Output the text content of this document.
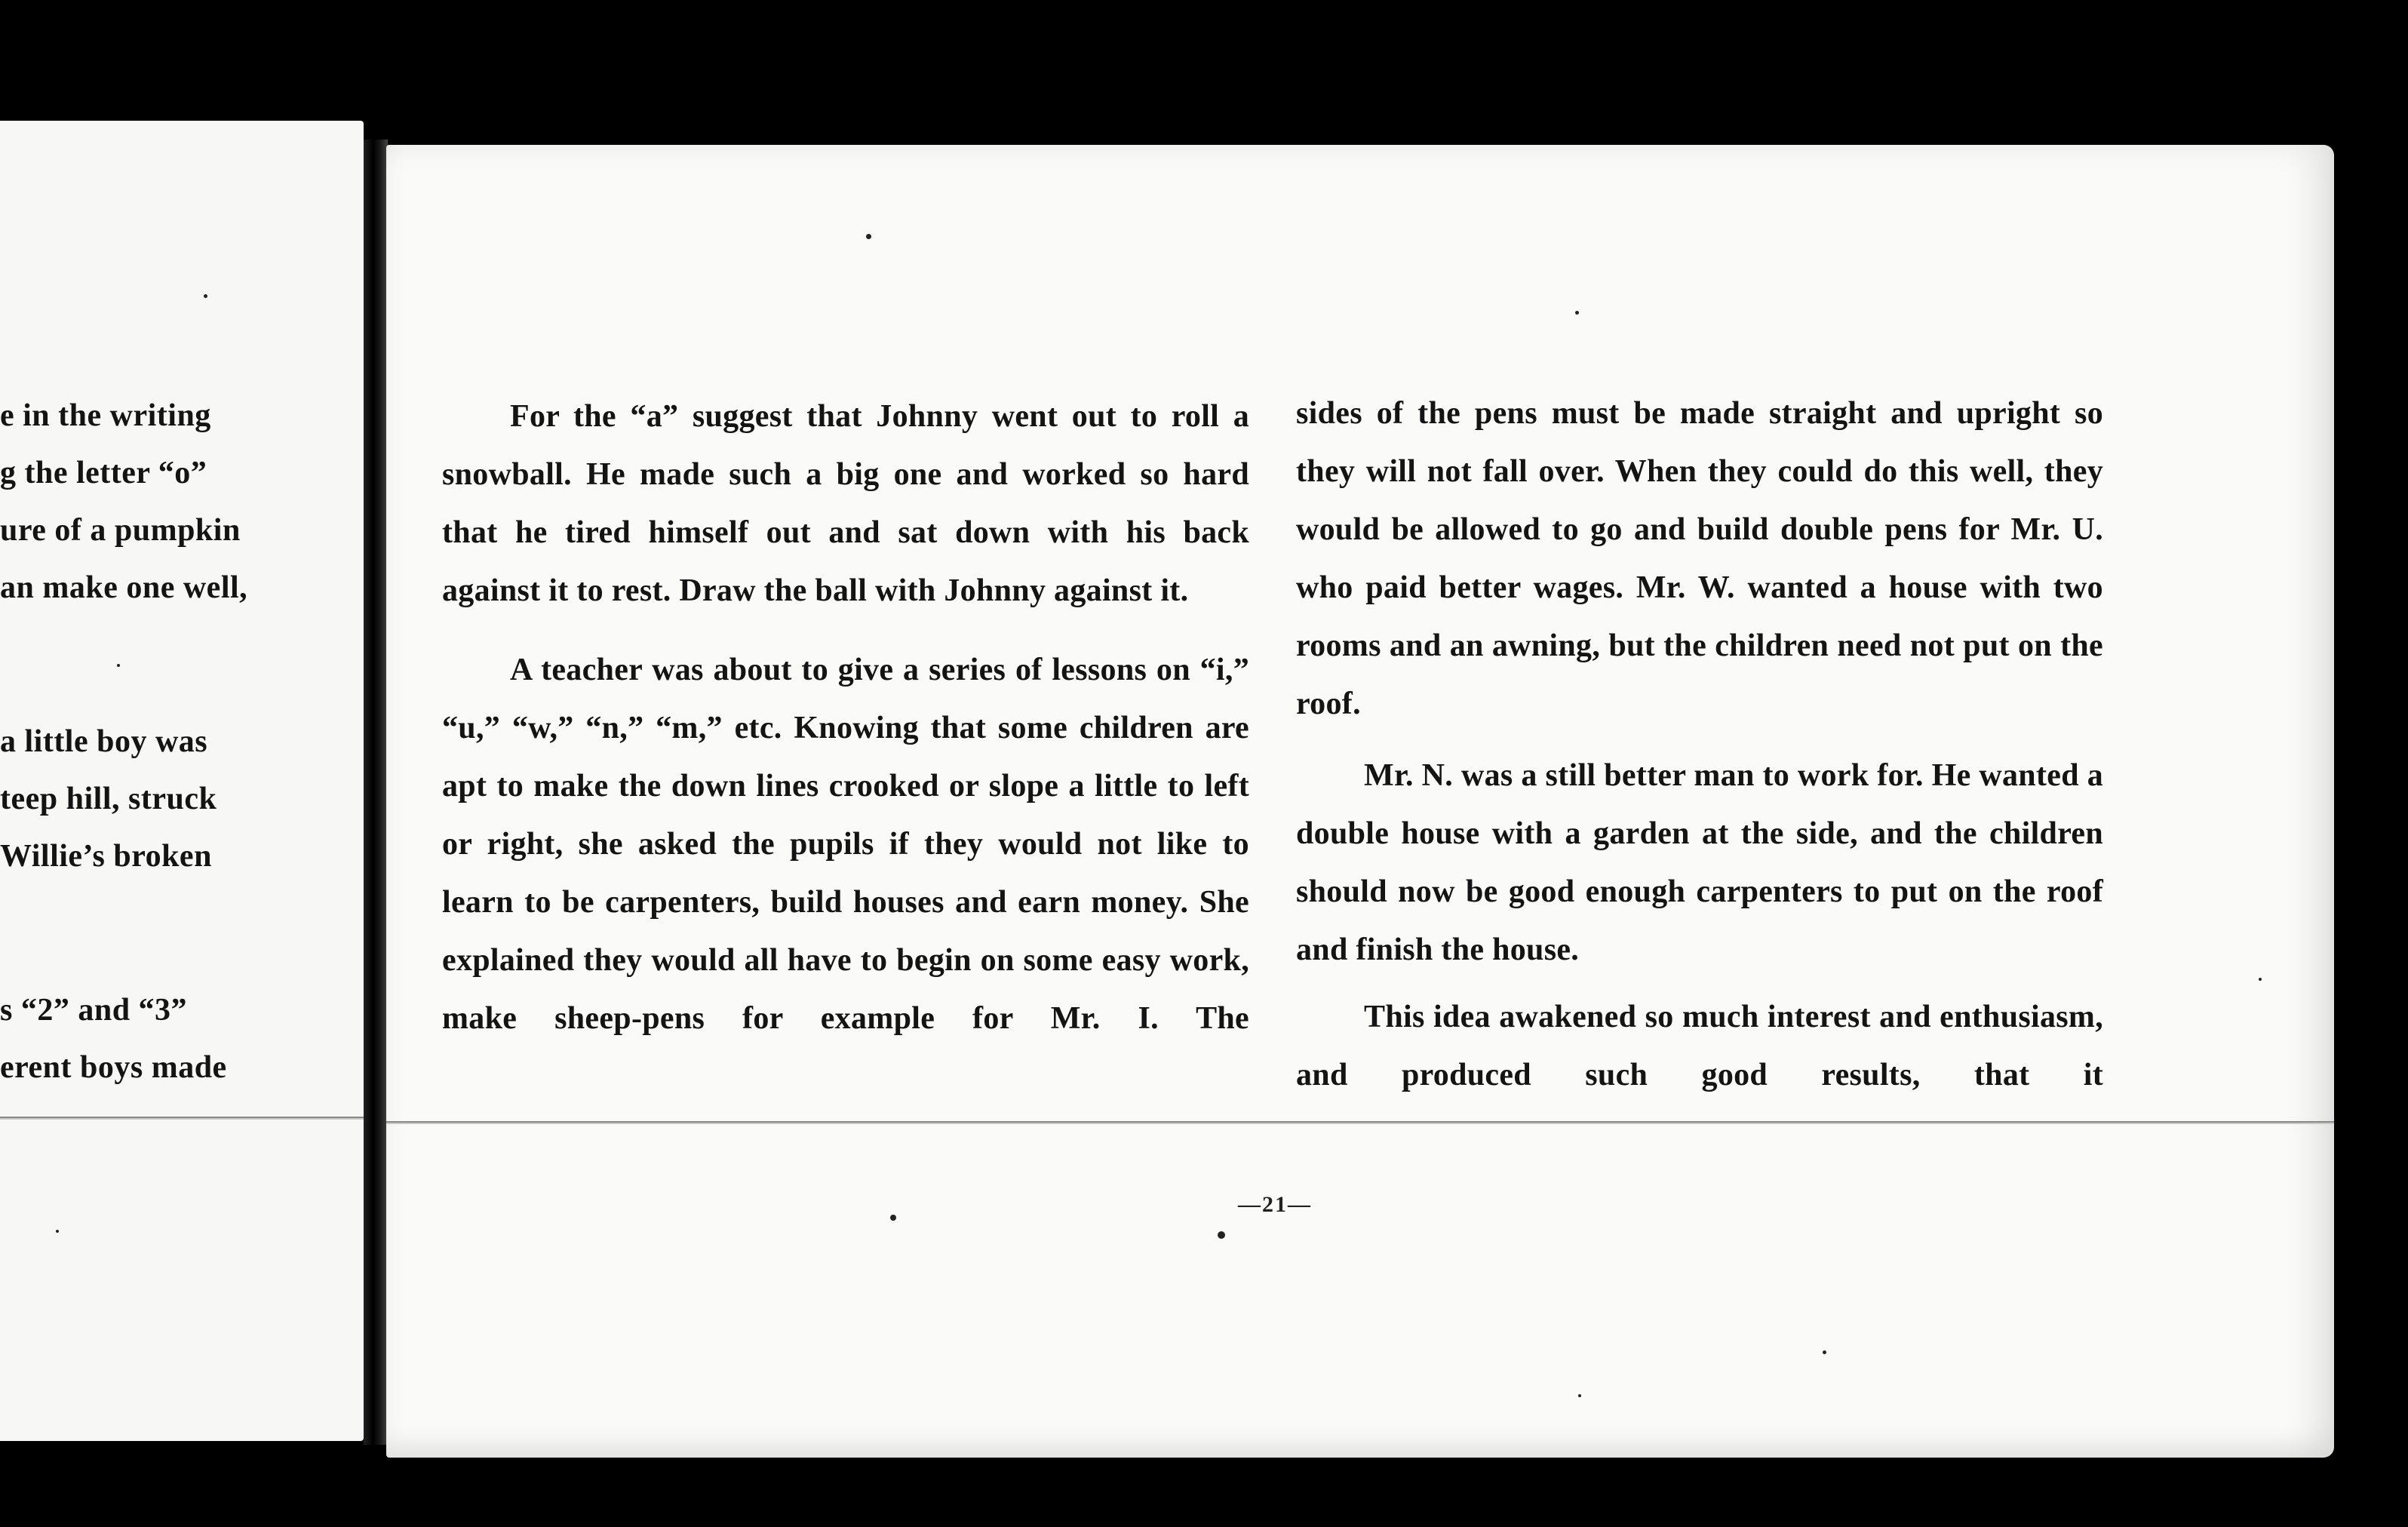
e in the writing
g the letter “o”
ure of a pumpkin
an make one well,
a little boy was
teep hill, struck
Willie’s broken
s “2” and “3”
erent boys made

For the “a” suggest that Johnny went out to roll a snowball. He made such a big one and worked so hard that he tired himself out and sat down with his back against it to rest. Draw the ball with Johnny against it.

A teacher was about to give a series of lessons on “i,” “u,” “w,” “n,” “m,” etc. Knowing that some children are apt to make the down lines crooked or slope a little to left or right, she asked the pupils if they would not like to learn to be carpenters, build houses and earn money. She explained they would all have to begin on some easy work, make sheep-pens for example for Mr. I. The

sides of the pens must be made straight and upright so they will not fall over. When they could do this well, they would be allowed to go and build double pens for Mr. U. who paid better wages. Mr. W. wanted a house with two rooms and an awning, but the children need not put on the roof.

Mr. N. was a still better man to work for. He wanted a double house with a garden at the side, and the children should now be good enough carpenters to put on the roof and finish the house.

This idea awakened so much interest and enthusiasm, and produced such good results, that it

—21—
